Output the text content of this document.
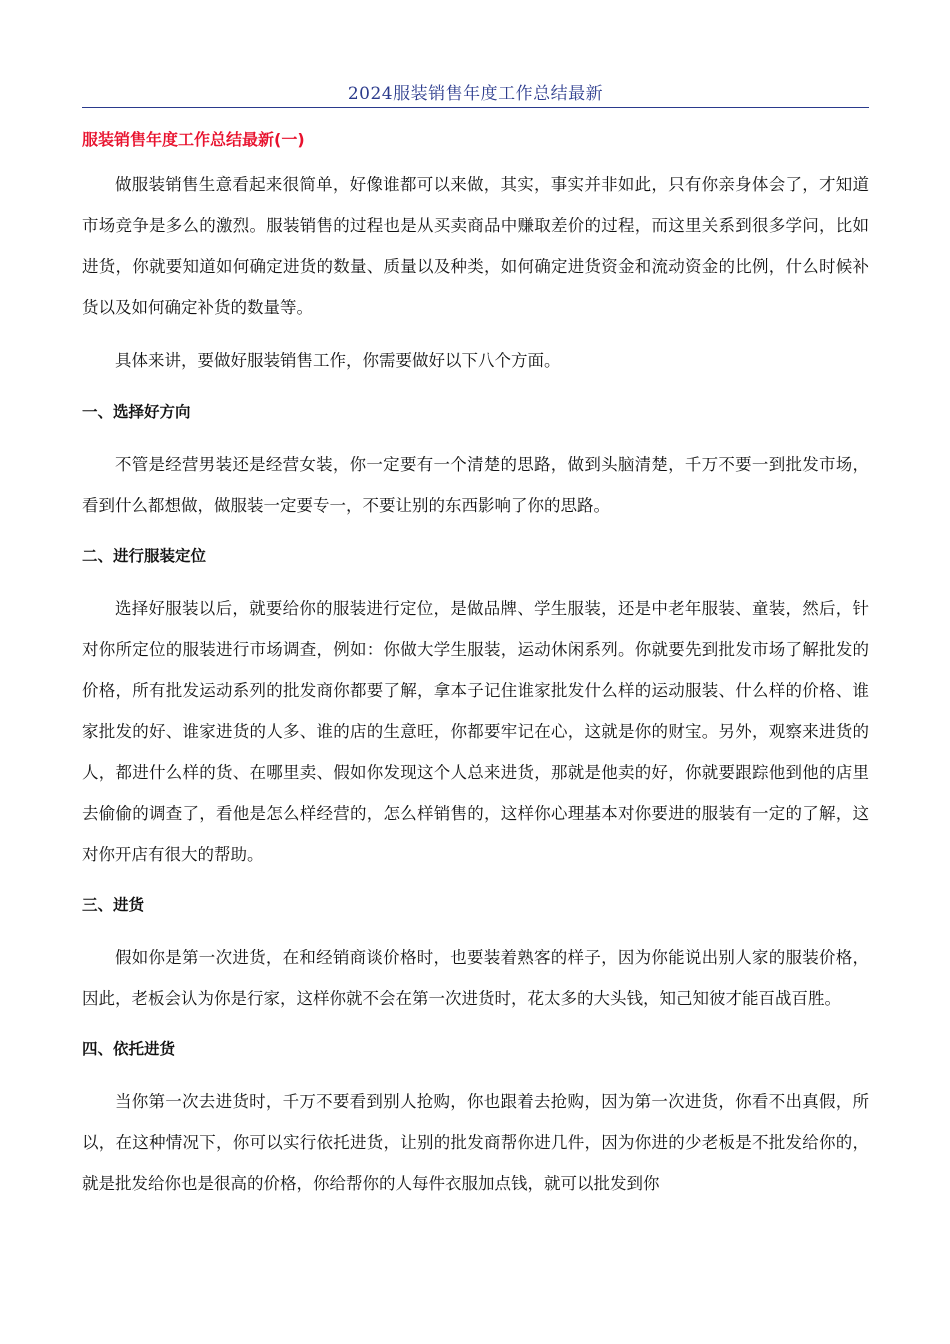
2024服装销售年度工作总结最新
服装销售年度工作总结最新(一)

做服装销售生意看起来很简单，好像谁都可以来做，其实，事实并非如此，只有你亲身体会了，才知道市场竞争是多么的激烈。服装销售的过程也是从买卖商品中赚取差价的过程，而这里关系到很多学问，比如进货，你就要知道如何确定进货的数量、质量以及种类，如何确定进货资金和流动资金的比例，什么时候补货以及如何确定补货的数量等。

具体来讲，要做好服装销售工作，你需要做好以下八个方面。

一、选择好方向

不管是经营男装还是经营女装，你一定要有一个清楚的思路，做到头脑清楚，千万不要一到批发市场，看到什么都想做，做服装一定要专一，不要让别的东西影响了你的思路。

二、进行服装定位

选择好服装以后，就要给你的服装进行定位，是做品牌、学生服装，还是中老年服装、童装，然后，针对你所定位的服装进行市场调查，例如：你做大学生服装，运动休闲系列。你就要先到批发市场了解批发的价格，所有批发运动系列的批发商你都要了解，拿本子记住谁家批发什么样的运动服装、什么样的价格、谁家批发的好、谁家进货的人多、谁的店的生意旺，你都要牢记在心，这就是你的财宝。另外，观察来进货的人，都进什么样的货、在哪里卖、假如你发现这个人总来进货，那就是他卖的好，你就要跟踪他到他的店里去偷偷的调查了，看他是怎么样经营的，怎么样销售的，这样你心理基本对你要进的服装有一定的了解，这对你开店有很大的帮助。

三、进货

假如你是第一次进货，在和经销商谈价格时，也要装着熟客的样子，因为你能说出别人家的服装价格，因此，老板会认为你是行家，这样你就不会在第一次进货时，花太多的大头钱，知己知彼才能百战百胜。

四、依托进货

当你第一次去进货时，千万不要看到别人抢购，你也跟着去抢购，因为第一次进货，你看不出真假，所以，在这种情况下，你可以实行依托进货，让别的批发商帮你进几件，因为你进的少老板是不批发给你的，就是批发给你也是很高的价格，你给帮你的人每件衣服加点钱，就可以批发到你
